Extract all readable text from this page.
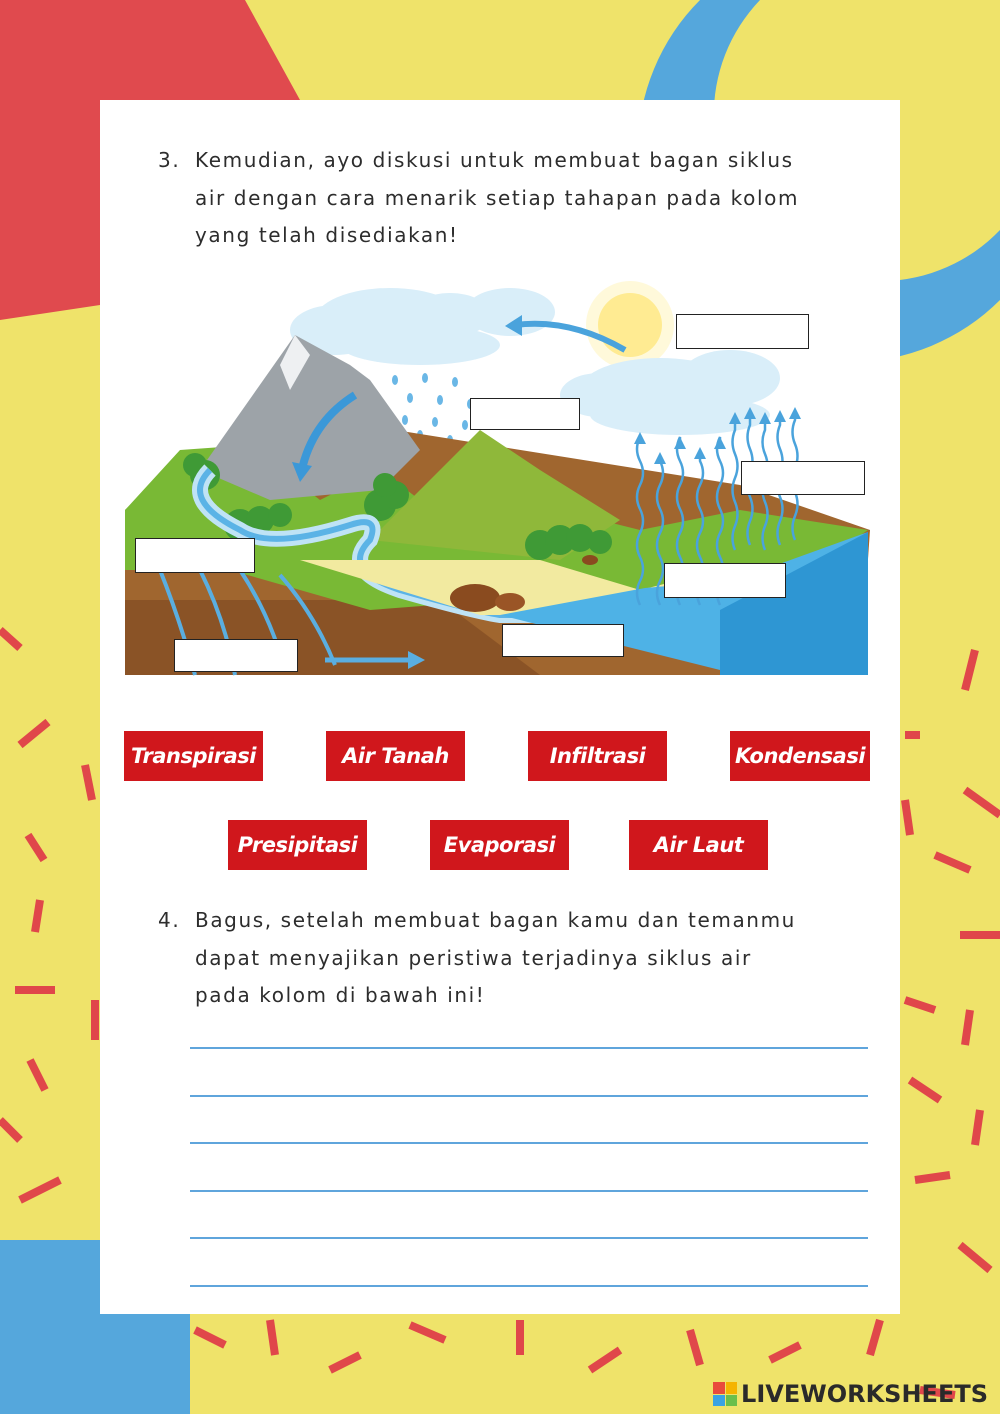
3. Kemudian, ayo diskusi untuk membuat bagan siklus
air dengan cara menarik setiap tahapan pada kolom
yang telah disediakan!
Transpirasi	Air Tanah	Infiltrasi	Kondensasi
Presipitasi	Evaporasi	Air Laut
4. Bagus, setelah membuat bagan kamu dan temanmu
dapat menyajikan peristiwa terjadinya siklus air
pada kolom di bawah ini!
LIVEWORKSHEETS
